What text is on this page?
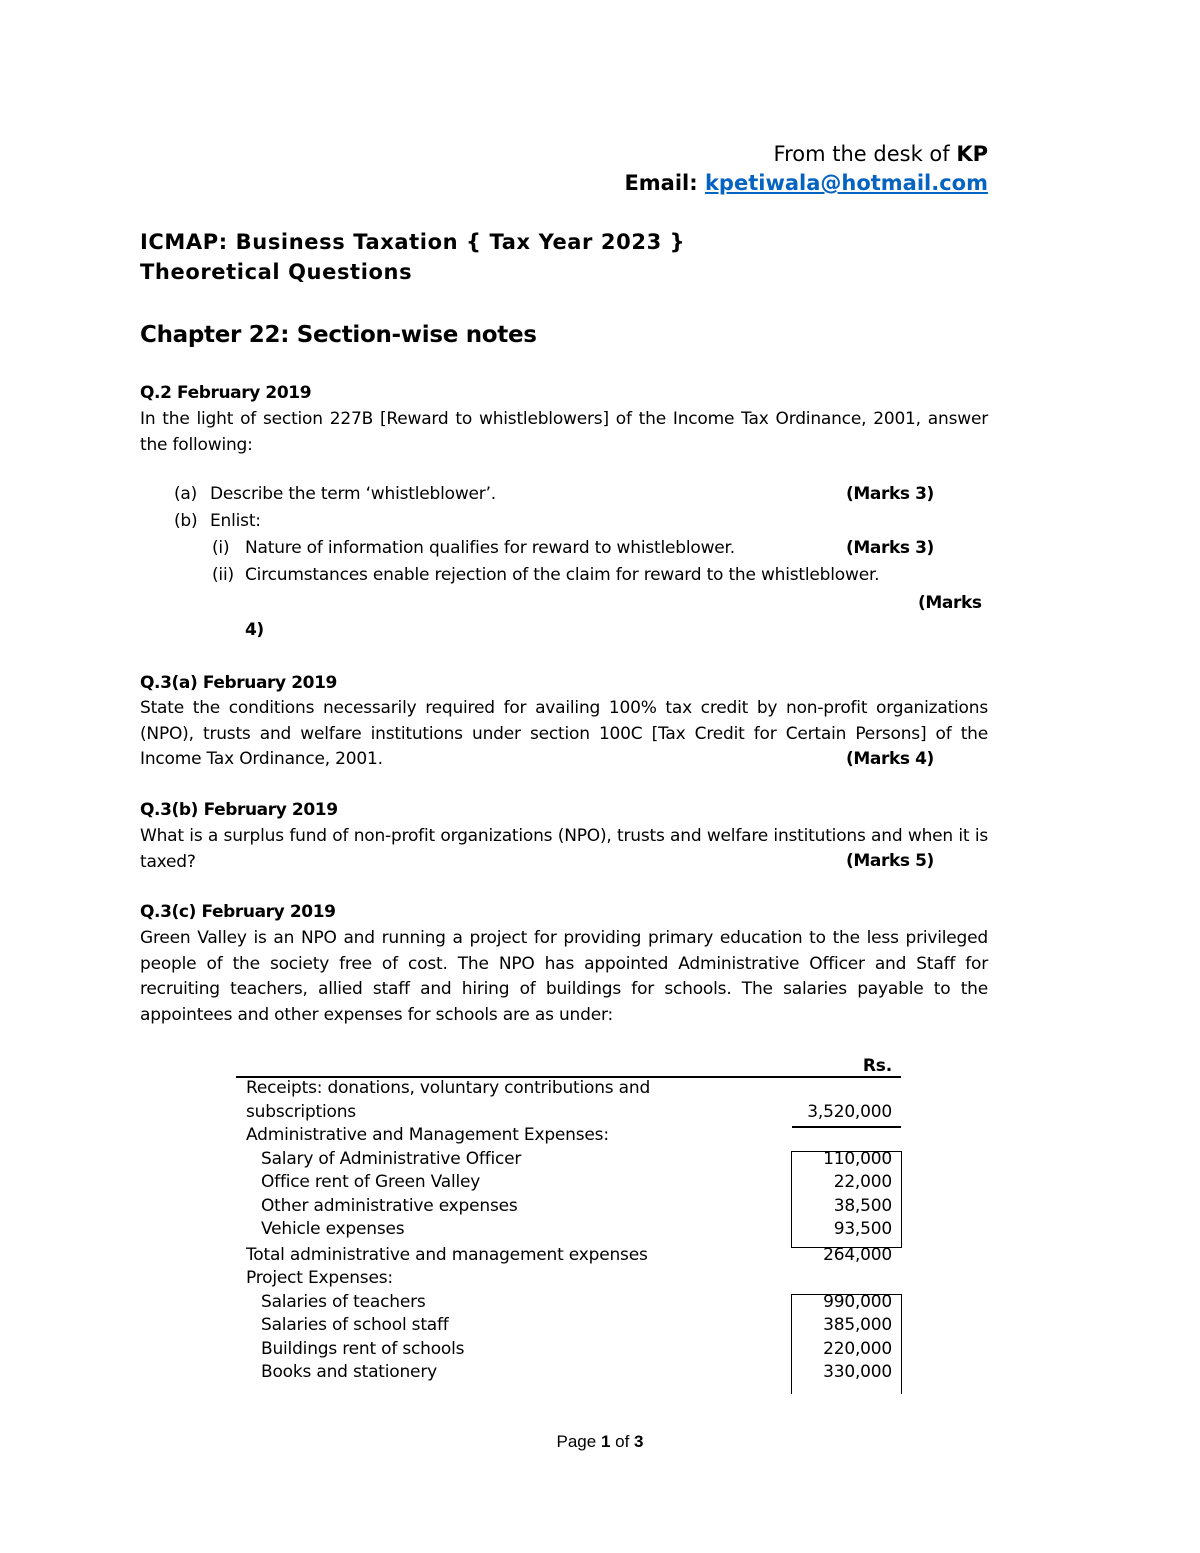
From the desk of KP
Email: kpetiwala@hotmail.com
ICMAP: Business Taxation { Tax Year 2023 }
Theoretical Questions
Chapter 22: Section-wise notes
Q.2 February 2019
In the light of section 227B [Reward to whistleblowers] of the Income Tax Ordinance, 2001, answer the following:
(a) Describe the term ‘whistleblower’.	(Marks 3)
(b) Enlist:
(i) Nature of information qualifies for reward to whistleblower.	(Marks 3)
(ii) Circumstances enable rejection of the claim for reward to the whistleblower.
(Marks
4)
Q.3(a) February 2019
State the conditions necessarily required for availing 100% tax credit by non-profit organizations (NPO), trusts and welfare institutions under section 100C [Tax Credit for Certain Persons] of the Income Tax Ordinance, 2001.	(Marks 4)
Q.3(b) February 2019
What is a surplus fund of non-profit organizations (NPO), trusts and welfare institutions and when it is taxed?	(Marks 5)
Q.3(c) February 2019
Green Valley is an NPO and running a project for providing primary education to the less privileged people of the society free of cost. The NPO has appointed Administrative Officer and Staff for recruiting teachers, allied staff and hiring of buildings for schools. The salaries payable to the appointees and other expenses for schools are as under:
Rs.
Receipts: donations, voluntary contributions and
subscriptions	3,520,000
Administrative and Management Expenses:
Salary of Administrative Officer	110,000
Office rent of Green Valley	22,000
Other administrative expenses	38,500
Vehicle expenses	93,500
Total administrative and management expenses	264,000
Project Expenses:
Salaries of teachers	990,000
Salaries of school staff	385,000
Buildings rent of schools	220,000
Books and stationery	330,000
Page 1 of 3
